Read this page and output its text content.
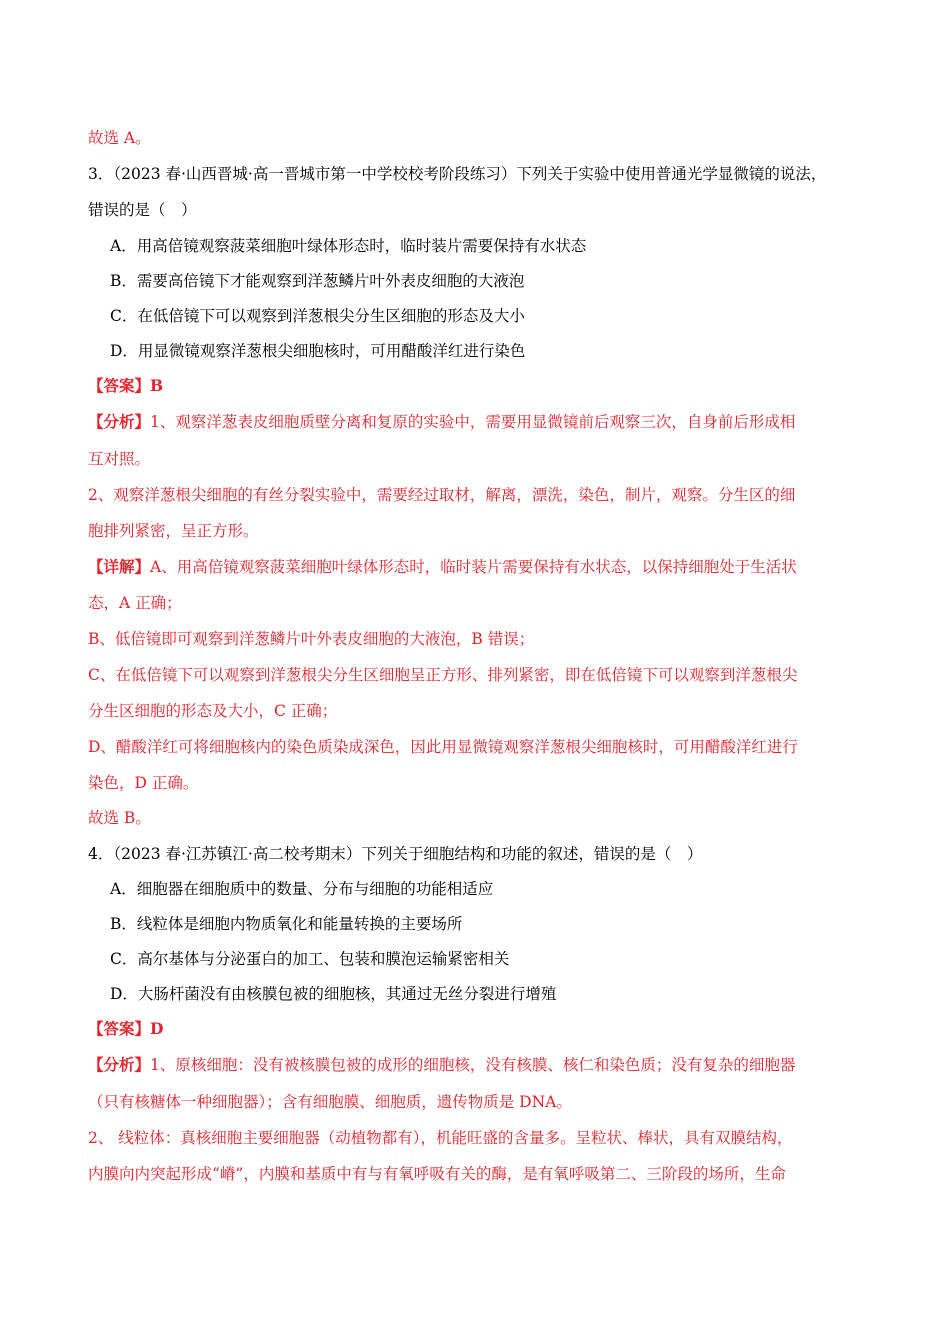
故选 A。
3．（2023 春·山西晋城·高一晋城市第一中学校校考阶段练习）下列关于实验中使用普通光学显微镜的说法，
错误的是（　）
A．用高倍镜观察菠菜细胞叶绿体形态时，临时装片需要保持有水状态
B．需要高倍镜下才能观察到洋葱鳞片叶外表皮细胞的大液泡
C．在低倍镜下可以观察到洋葱根尖分生区细胞的形态及大小
D．用显微镜观察洋葱根尖细胞核时，可用醋酸洋红进行染色
【答案】B
【分析】1、观察洋葱表皮细胞质壁分离和复原的实验中，需要用显微镜前后观察三次，自身前后形成相
互对照。
2、观察洋葱根尖细胞的有丝分裂实验中，需要经过取材，解离，漂洗，染色，制片，观察。分生区的细
胞排列紧密，呈正方形。
【详解】A、用高倍镜观察菠菜细胞叶绿体形态时，临时装片需要保持有水状态，以保持细胞处于生活状
态，A 正确；
B、低倍镜即可观察到洋葱鳞片叶外表皮细胞的大液泡，B 错误；
C、在低倍镜下可以观察到洋葱根尖分生区细胞呈正方形、排列紧密，即在低倍镜下可以观察到洋葱根尖
分生区细胞的形态及大小，C 正确；
D、醋酸洋红可将细胞核内的染色质染成深色，因此用显微镜观察洋葱根尖细胞核时，可用醋酸洋红进行
染色，D 正确。
故选 B。
4．（2023 春·江苏镇江·高二校考期末）下列关于细胞结构和功能的叙述，错误的是（　）
A．细胞器在细胞质中的数量、分布与细胞的功能相适应
B．线粒体是细胞内物质氧化和能量转换的主要场所
C．高尔基体与分泌蛋白的加工、包装和膜泡运输紧密相关
D．大肠杆菌没有由核膜包被的细胞核，其通过无丝分裂进行增殖
【答案】D
【分析】1、原核细胞：没有被核膜包被的成形的细胞核，没有核膜、核仁和染色质；没有复杂的细胞器
（只有核糖体一种细胞器）；含有细胞膜、细胞质，遗传物质是 DNA。
2、 线粒体：真核细胞主要细胞器（动植物都有），机能旺盛的含量多。呈粒状、棒状，具有双膜结构，
内膜向内突起形成“嵴”，内膜和基质中有与有氧呼吸有关的酶，是有氧呼吸第二、三阶段的场所，生命
